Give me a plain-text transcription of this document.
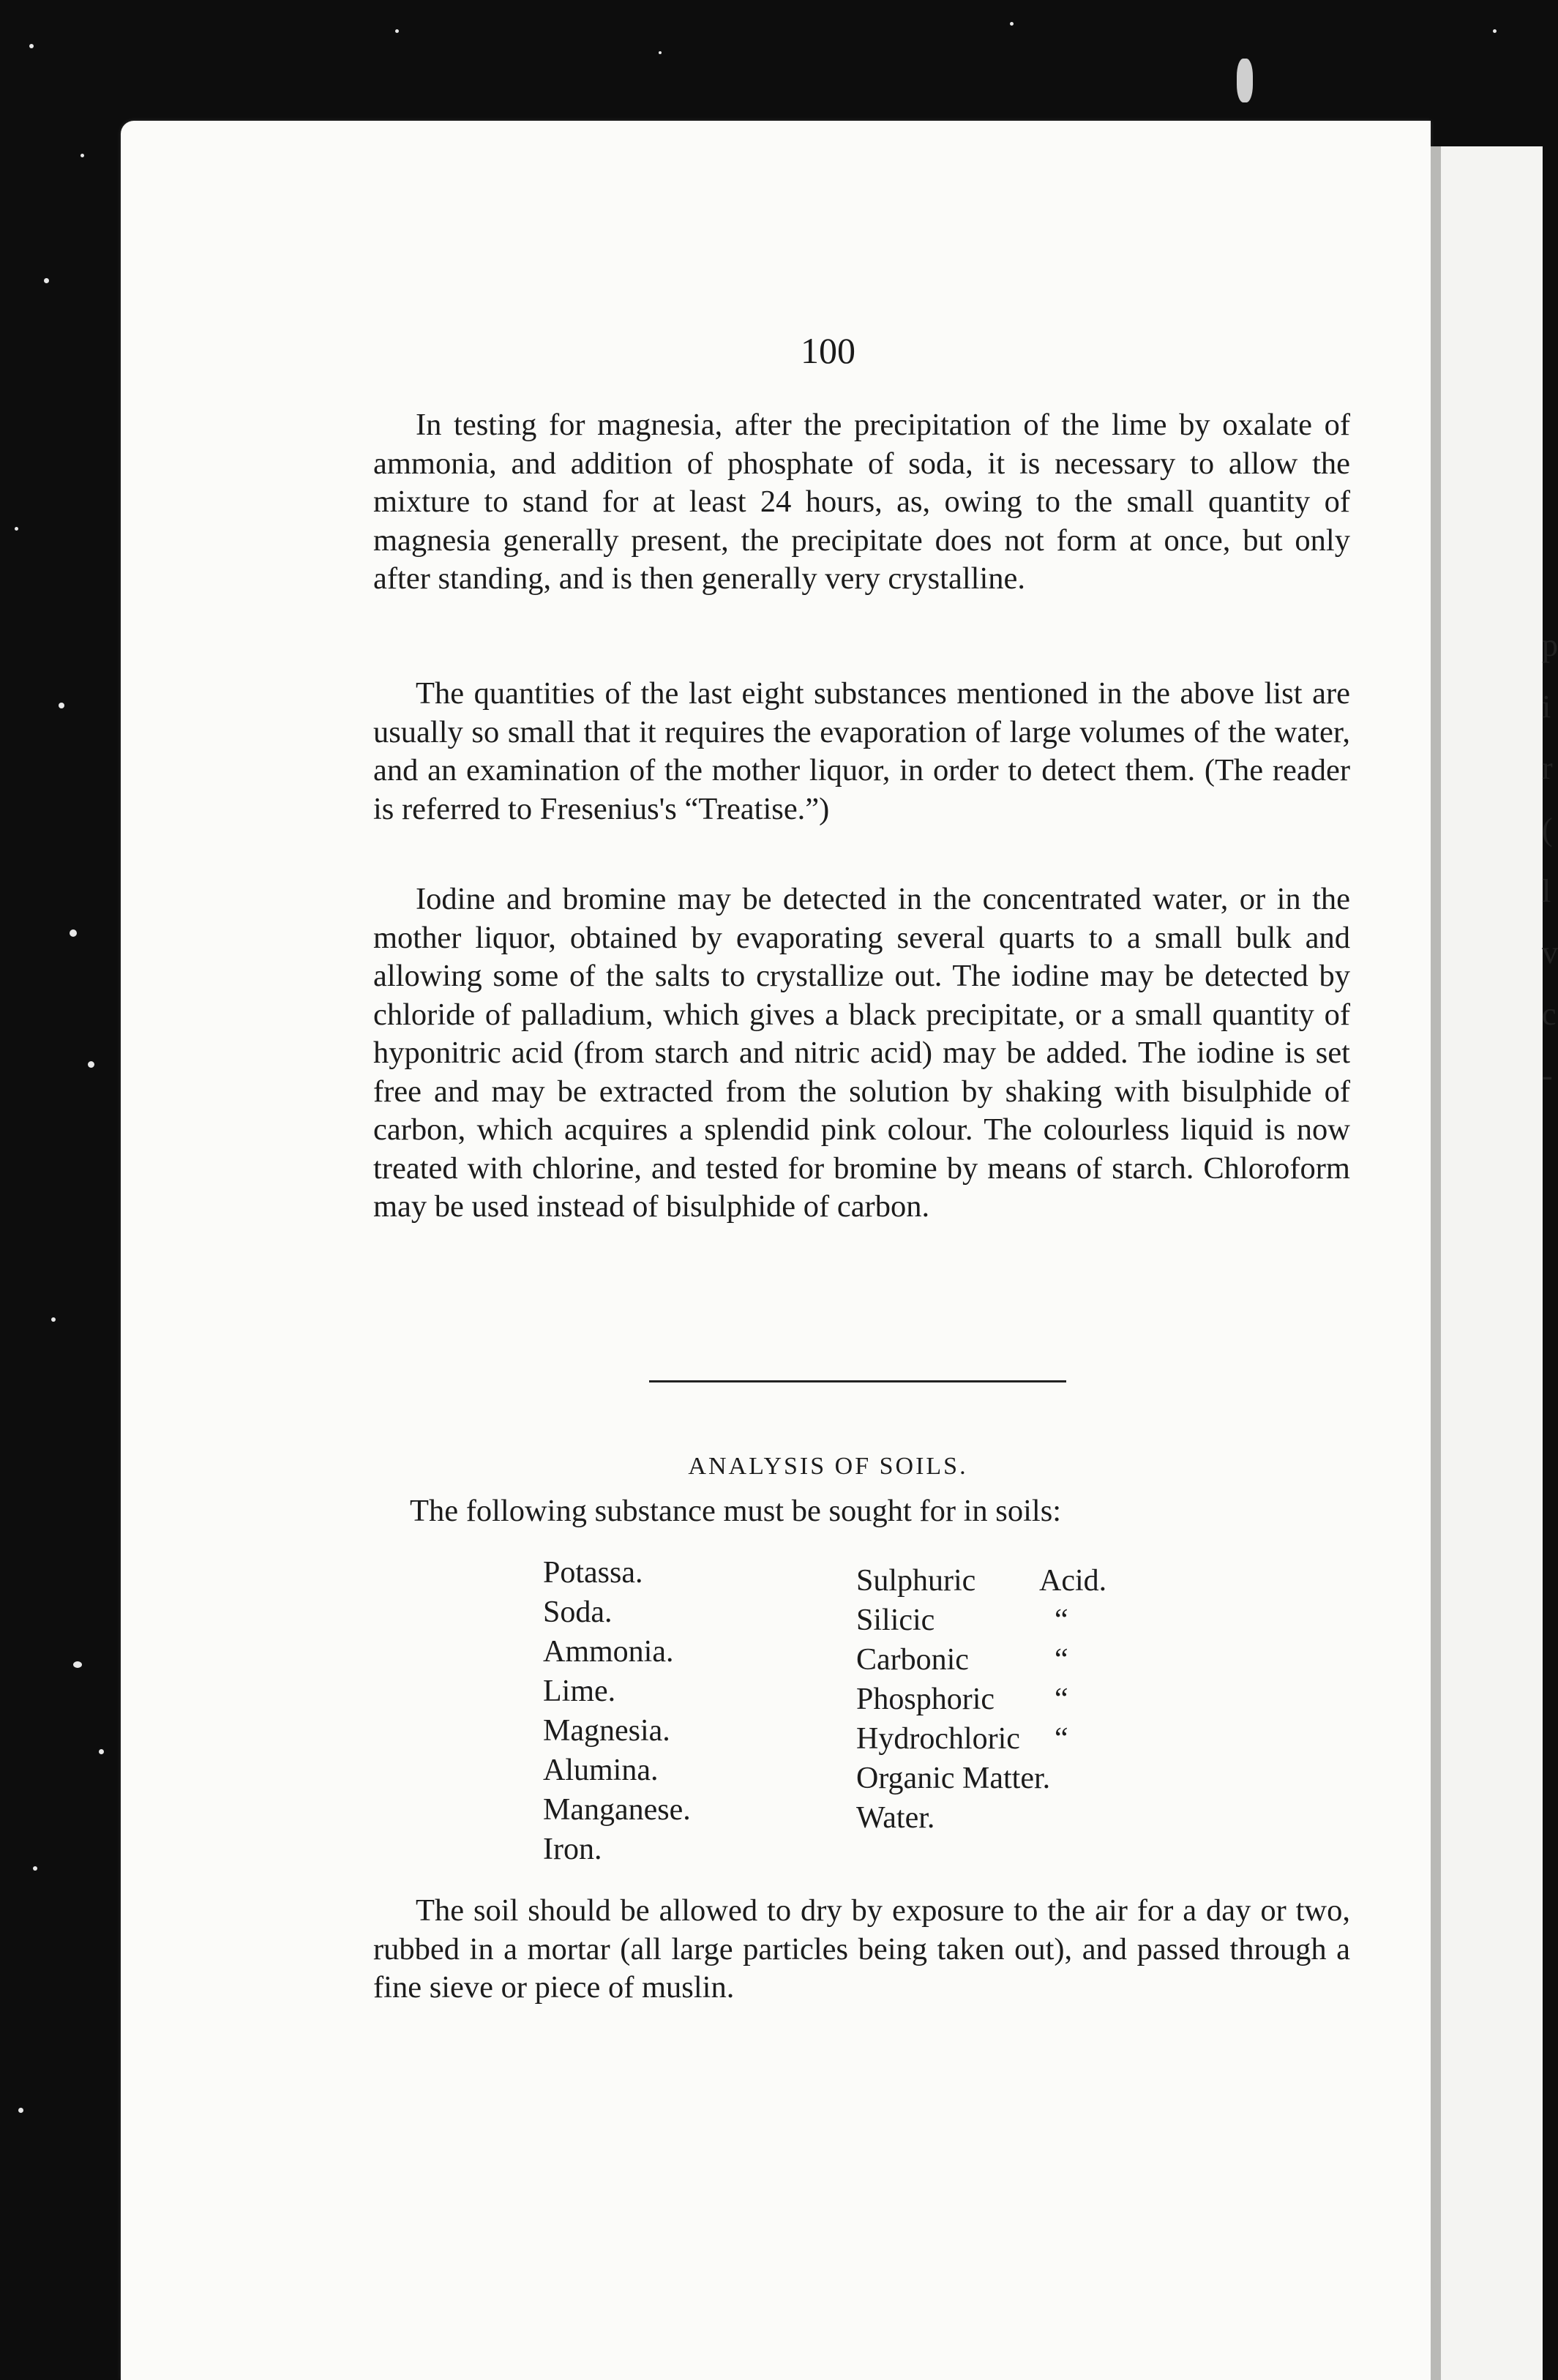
p
i
r
(
l
v
c
-
100

In testing for magnesia, after the precipitation of the lime by oxalate of ammonia, and addition of phosphate of soda, it is necessary to allow the mixture to stand for at least 24 hours, as, owing to the small quantity of magnesia generally present, the precipitate does not form at once, but only after standing, and is then generally very crystalline.

The quantities of the last eight substances mentioned in the above list are usually so small that it requires the evaporation of large volumes of the water, and an examination of the mother liquor, in order to detect them. (The reader is referred to Fresenius's “Treatise.”)

Iodine and bromine may be detected in the concentrated water, or in the mother liquor, obtained by evaporating several quarts to a small bulk and allowing some of the salts to crystallize out. The iodine may be detected by chloride of palladium, which gives a black precipitate, or a small quantity of hyponitric acid (from starch and nitric acid) may be added. The iodine is set free and may be extracted from the solution by shaking with bisulphide of carbon, which acquires a splendid pink colour. The colourless liquid is now treated with chlorine, and tested for bromine by means of starch. Chloroform may be used instead of bisulphide of carbon.

ANALYSIS OF SOILS.
The following substance must be sought for in soils:
Potassa.
Soda.
Ammonia.
Lime.
Magnesia.
Alumina.
Manganese.
Iron.
Sulphuric	Acid.
Silicic	“
Carbonic	“
Phosphoric	“
Hydrochloric “
Organic Matter.
Water.

The soil should be allowed to dry by exposure to the air for a day or two, rubbed in a mortar (all large particles being taken out), and passed through a fine sieve or piece of muslin.
